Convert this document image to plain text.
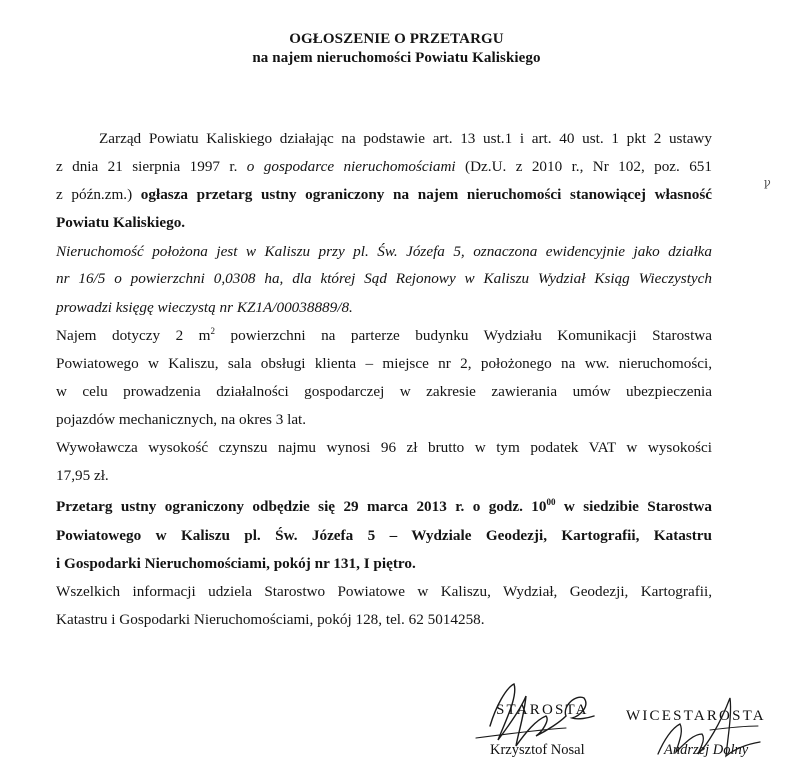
OGŁOSZENIE O PRZETARGU
na najem nieruchomości Powiatu Kaliskiego
ꝩ
Zarząd Powiatu Kaliskiego działając na podstawie art. 13 ust.1 i art. 40 ust. 1 pkt 2 ustawy
z dnia 21 sierpnia 1997 r. o gospodarce nieruchomościami (Dz.U. z 2010 r., Nr 102, poz. 651
z późn.zm.) ogłasza przetarg ustny ograniczony na najem nieruchomości stanowiącej własność
Powiatu Kaliskiego.
Nieruchomość położona jest w Kaliszu przy pl. Św. Józefa 5, oznaczona ewidencyjnie jako działka
nr 16/5 o powierzchni 0,0308 ha, dla której Sąd Rejonowy w Kaliszu Wydział Ksiąg Wieczystych
prowadzi księgę wieczystą nr KZ1A/00038889/8.
Najem dotyczy 2 $m^2$ powierzchni na parterze budynku Wydziału Komunikacji Starostwa
Powiatowego w Kaliszu, sala obsługi klienta – miejsce nr 2, położonego na ww. nieruchomości,
w celu prowadzenia działalności gospodarczej w zakresie zawierania umów ubezpieczenia
pojazdów mechanicznych, na okres 3 lat.
Wywoławcza wysokość czynszu najmu wynosi 96 zł brutto w tym podatek VAT w wysokości
17,95 zł.
Przetarg ustny ograniczony odbędzie się 29 marca 2013 r. o godz. $10^{00}$ w siedzibie Starostwa
Powiatowego w Kaliszu pl. Św. Józefa 5 – Wydziale Geodezji, Kartografii, Katastru
i Gospodarki Nieruchomościami, pokój nr 131, I piętro.
Wszelkich informacji udziela Starostwo Powiatowe w Kaliszu, Wydział, Geodezji, Kartografii,
Katastru i Gospodarki Nieruchomościami, pokój 128, tel. 62 5014258.
STAROSTA
Krzysztof Nosal
WICESTAROSTA
Andrzej Dolny
